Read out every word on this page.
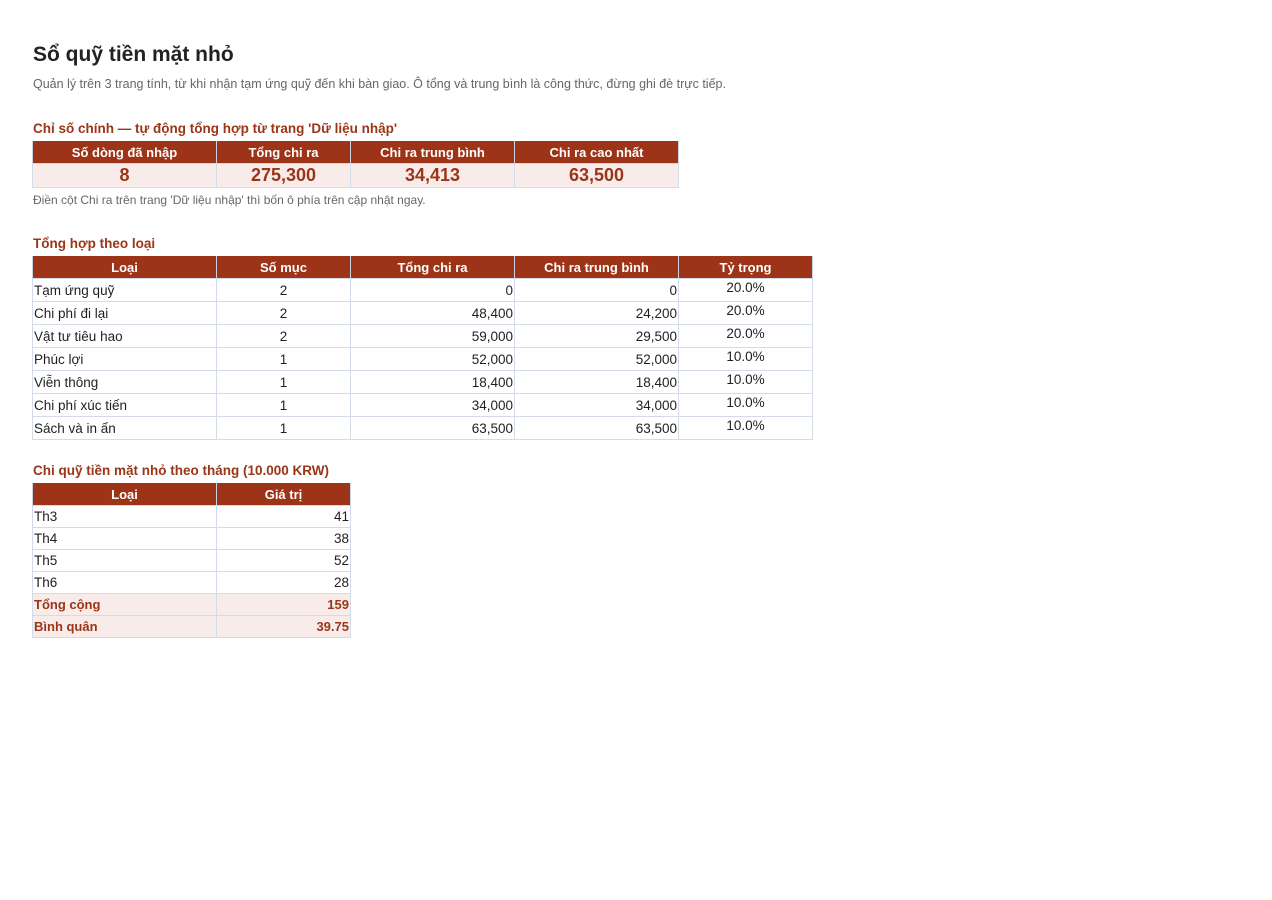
Sổ quỹ tiền mặt nhỏ
Quản lý trên 3 trang tính, từ khi nhận tạm ứng quỹ đến khi bàn giao. Ô tổng và trung bình là công thức, đừng ghi đè trực tiếp.
Chỉ số chính — tự động tổng hợp từ trang 'Dữ liệu nhập'
Số dòng đã nhập	Tổng chi ra	Chi ra trung bình	Chi ra cao nhất
8	275,300	34,413	63,500
Điền cột Chi ra trên trang 'Dữ liệu nhập' thì bốn ô phía trên cập nhật ngay.
Tổng hợp theo loại
Loại	Số mục	Tổng chi ra	Chi ra trung bình	Tỷ trọng
Tạm ứng quỹ	2	0	0	20.0%
Chi phí đi lại	2	48,400	24,200	20.0%
Vật tư tiêu hao	2	59,000	29,500	20.0%
Phúc lợi	1	52,000	52,000	10.0%
Viễn thông	1	18,400	18,400	10.0%
Chi phí xúc tiến	1	34,000	34,000	10.0%
Sách và in ấn	1	63,500	63,500	10.0%
Chi quỹ tiền mặt nhỏ theo tháng (10.000 KRW)
Loại	Giá trị
Th3	41
Th4	38
Th5	52
Th6	28
Tổng cộng	159
Bình quân	39.75
